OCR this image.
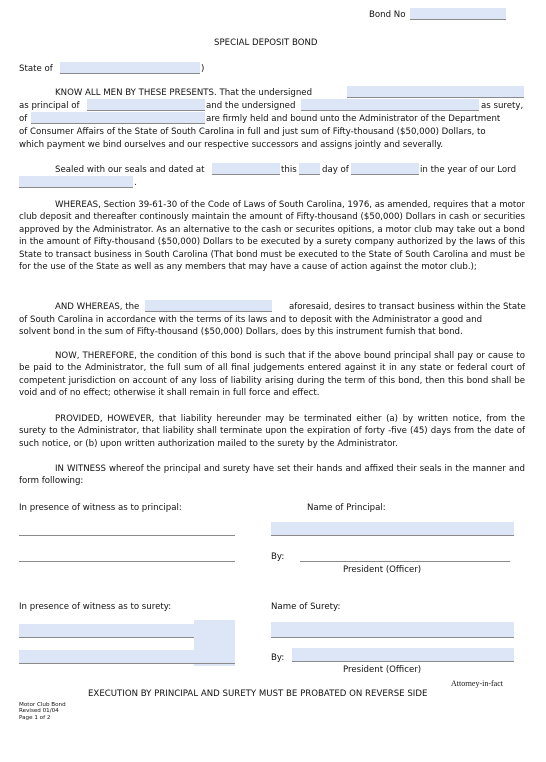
Bond No
SPECIAL DEPOSIT BOND
State of	)
KNOW ALL MEN BY THESE PRESENTS. That the undersigned
as principal of	and the undersigned	as surety,
of	are firmly held and bound unto the Administrator of the Department
of Consumer Affairs of the State of South Carolina in full and just sum of Fifty-thousand ($50,000) Dollars, to
which payment we bind ourselves and our respective successors and assigns jointly and severally.
Sealed with our seals and dated at	this	day of	in the year of our Lord
.
WHEREAS, Section 39-61-30 of the Code of Laws of South Carolina, 1976, as amended, requires that a motor club deposit and thereafter continously maintain the amount of Fifty-thousand ($50,000) Dollars in cash or securities approved by the Administrator. As an alternative to the cash or securites opitions, a motor club may take out a bond in the amount of Fifty-thousand ($50,000) Dollars to be executed by a surety company authorized by the laws of this State to transact business in South Carolina (That bond must be executed to the State of South Carolina and must be for the use of the State as well as any members that may have a cause of action against the motor club.);
AND WHEREAS, the	aforesaid, desires to transact business within the State
of South Carolina in accordance with the terms of its laws and to deposit with the Administrator a good and
solvent bond in the sum of Fifty-thousand ($50,000) Dollars, does by this instrument furnish that bond.
NOW, THEREFORE, the condition of this bond is such that if the above bound principal shall pay or cause to be paid to the Administrator, the full sum of all final judgements entered against it in any state or federal court of competent jurisdiction on account of any loss of liability arising during the term of this bond, then this bond shall be void and of no effect; otherwise it shall remain in full force and effect.
PROVIDED, HOWEVER, that liability hereunder may be terminated either (a) by written notice, from the surety to the Administrator, that liability shall terminate upon the expiration of forty -five (45) days from the date of such notice, or (b) upon written authorization mailed to the surety by the Administrator.
IN WITNESS whereof the principal and surety have set their hands and affixed their seals in the manner and form following:
In presence of witness as to principal:	Name of Principal:
By:
President (Officer)
In presence of witness as to surety:	Name of Surety:
By:
President (Officer)
Attorney-in-fact
EXECUTION BY PRINCIPAL AND SURETY MUST BE PROBATED ON REVERSE SIDE
Motor Club Bond
Revised 01/04
Page 1 of 2
